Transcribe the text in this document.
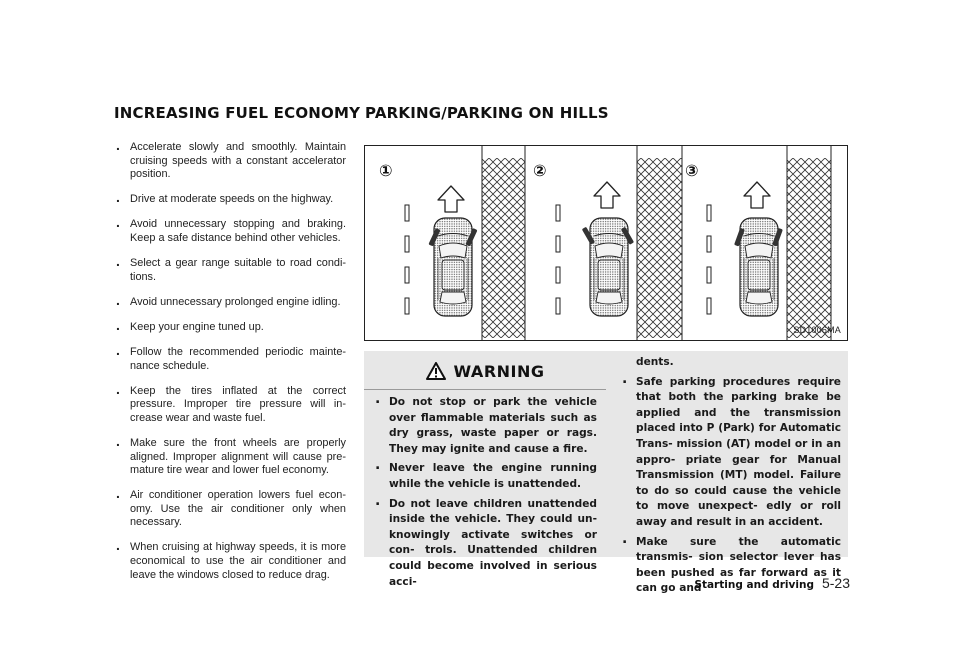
INCREASING FUEL ECONOMY PARKING/PARKING ON HILLS
. Accelerate slowly and smoothly. Maintain cruising speeds with a constant accelerator position.
. Drive at moderate speeds on the highway.
. Avoid unnecessary stopping and braking. Keep a safe distance behind other vehicles.
. Select a gear range suitable to road condi- tions.
. Avoid unnecessary prolonged engine idling.
. Keep your engine tuned up.
. Follow the recommended periodic mainte- nance schedule.
. Keep the tires inflated at the correct pressure. Improper tire pressure will in- crease wear and waste fuel.
. Make sure the front wheels are properly aligned. Improper alignment will cause pre- mature tire wear and lower fuel economy.
. Air conditioner operation lowers fuel econ- omy. Use the air conditioner only when necessary.
. When cruising at highway speeds, it is more economical to use the air conditioner and leave the windows closed to reduce drag.
①	②	③
SD1006MA
WARNING
. Do not stop or park the vehicle over flammable materials such as dry grass, waste paper or rags. They may ignite and cause a fire.
. Never leave the engine running while the vehicle is unattended.
. Do not leave children unattended inside the vehicle. They could un- knowingly activate switches or con- trols. Unattended children could become involved in serious acci-
dents.
. Safe parking procedures require that both the parking brake be applied and the transmission placed into P (Park) for Automatic Trans- mission (AT) model or in an appro- priate gear for Manual Transmission (MT) model. Failure to do so could cause the vehicle to move unexpect- edly or roll away and result in an accident.
. Make sure the automatic transmis- sion selector lever has been pushed as far forward as it can go and
Starting and driving 5-23
